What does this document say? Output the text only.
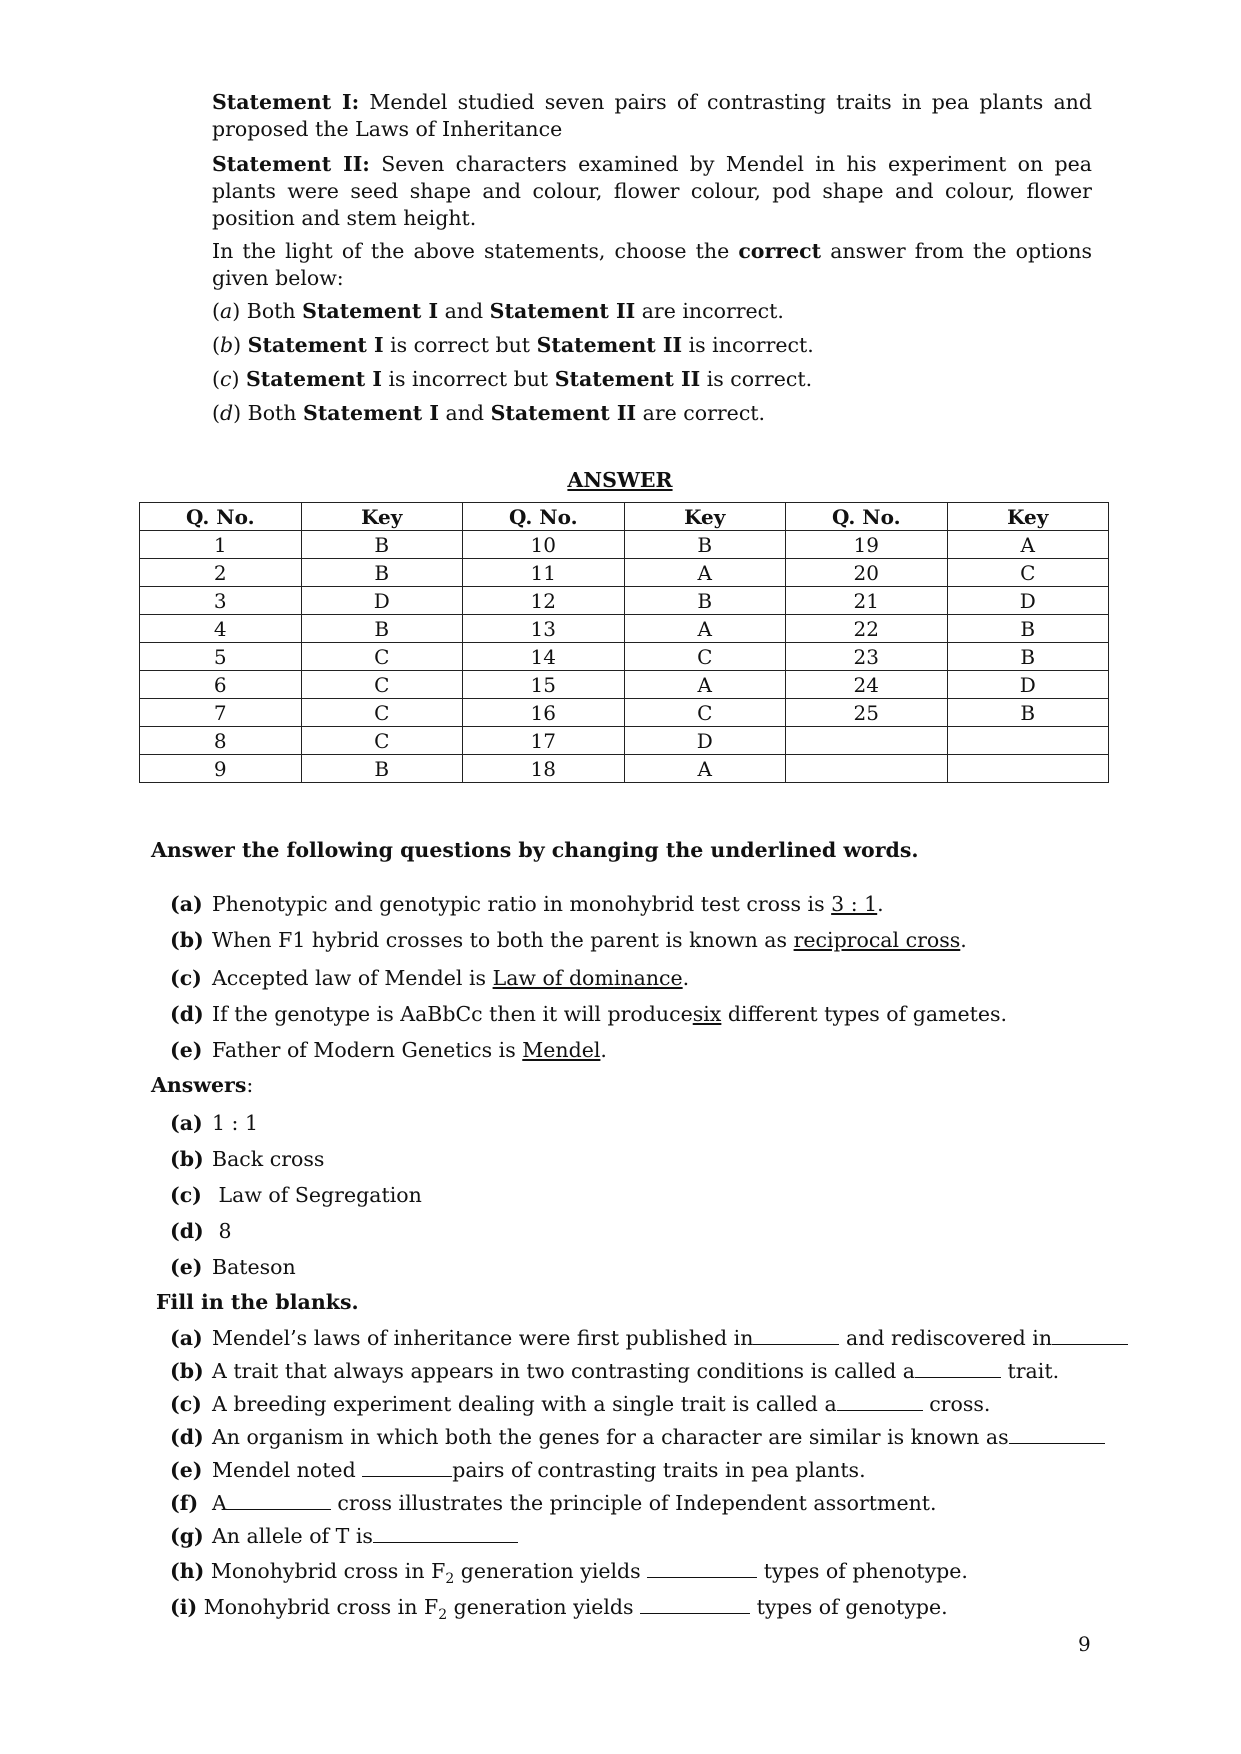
Statement I: Mendel studied seven pairs of contrasting traits in pea plants and proposed the Laws of Inheritance
Statement II: Seven characters examined by Mendel in his experiment on pea plants were seed shape and colour, flower colour, pod shape and colour, flower position and stem height.
In the light of the above statements, choose the correct answer from the options given below:
(a) Both Statement I and Statement II are incorrect.
(b) Statement I is correct but Statement II is incorrect.
(c) Statement I is incorrect but Statement II is correct.
(d) Both Statement I and Statement II are correct.
ANSWER
Q. No.	Key	Q. No.	Key	Q. No.	Key
1	B	10	B	19	A
2	B	11	A	20	C
3	D	12	B	21	D
4	B	13	A	22	B
5	C	14	C	23	B
6	C	15	A	24	D
7	C	16	C	25	B
8	C	17	D		
9	B	18	A		
Answer the following questions by changing the underlined words.
(a) Phenotypic and genotypic ratio in monohybrid test cross is 3 : 1.
(b) When F1 hybrid crosses to both the parent is known as reciprocal cross.
(c) Accepted law of Mendel is Law of dominance.
(d) If the genotype is AaBbCc then it will producesix different types of gametes.
(e) Father of Modern Genetics is Mendel.
Answers:
(a) 1 : 1
(b) Back cross
(c) Law of Segregation
(d) 8
(e) Bateson
Fill in the blanks.
(a) Mendel’s laws of inheritance were first published in	and rediscovered in
(b) A trait that always appears in two contrasting conditions is called a	trait.
(c) A breeding experiment dealing with a single trait is called a	cross.
(d) An organism in which both the genes for a character are similar is known as
(e) Mendel noted	pairs of contrasting traits in pea plants.
(f) A	cross illustrates the principle of Independent assortment.
(g) An allele of T is
(h) Monohybrid cross in $F_2$ generation yields	types of phenotype.
(i) Monohybrid cross in $F_2$ generation yields	types of genotype.
9
